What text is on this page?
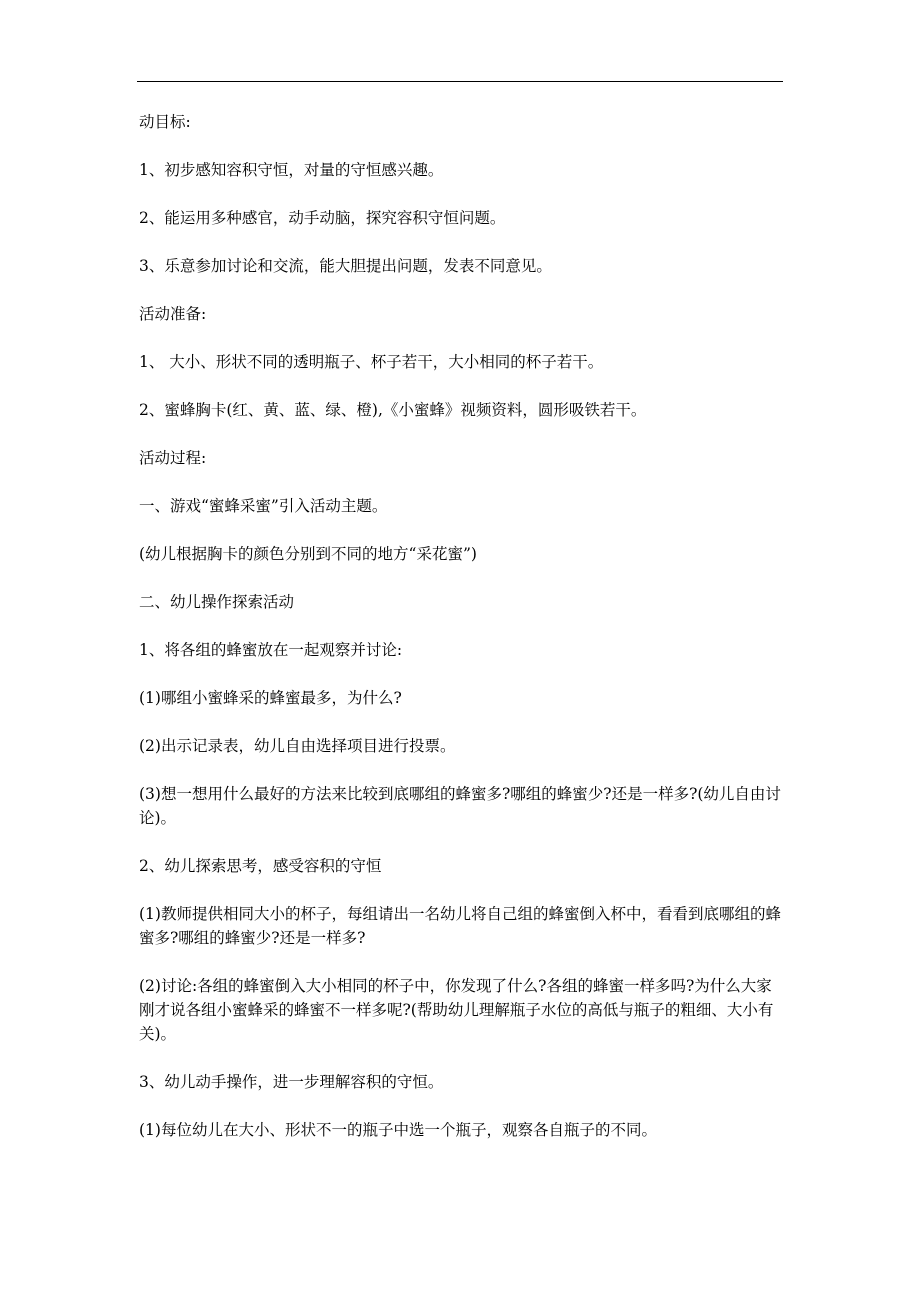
动目标:

1、初步感知容积守恒，对量的守恒感兴趣。

2、能运用多种感官，动手动脑，探究容积守恒问题。

3、乐意参加讨论和交流，能大胆提出问题，发表不同意见。

活动准备:

1、 大小、形状不同的透明瓶子、杯子若干，大小相同的杯子若干。

2、蜜蜂胸卡(红、黄、蓝、绿、橙),《小蜜蜂》视频资料，圆形吸铁若干。

活动过程:

一、游戏“蜜蜂采蜜”引入活动主题。

(幼儿根据胸卡的颜色分别到不同的地方“采花蜜”)

二、幼儿操作探索活动

1、将各组的蜂蜜放在一起观察并讨论:

(1)哪组小蜜蜂采的蜂蜜最多，为什么?

(2)出示记录表，幼儿自由选择项目进行投票。

(3)想一想用什么最好的方法来比较到底哪组的蜂蜜多?哪组的蜂蜜少?还是一样多?(幼儿自由讨论)。

2、幼儿探索思考，感受容积的守恒

(1)教师提供相同大小的杯子，每组请出一名幼儿将自己组的蜂蜜倒入杯中，看看到底哪组的蜂蜜多?哪组的蜂蜜少?还是一样多?

(2)讨论:各组的蜂蜜倒入大小相同的杯子中，你发现了什么?各组的蜂蜜一样多吗?为什么大家刚才说各组小蜜蜂采的蜂蜜不一样多呢?(帮助幼儿理解瓶子水位的高低与瓶子的粗细、大小有关)。

3、幼儿动手操作，进一步理解容积的守恒。

(1)每位幼儿在大小、形状不一的瓶子中选一个瓶子，观察各自瓶子的不同。
